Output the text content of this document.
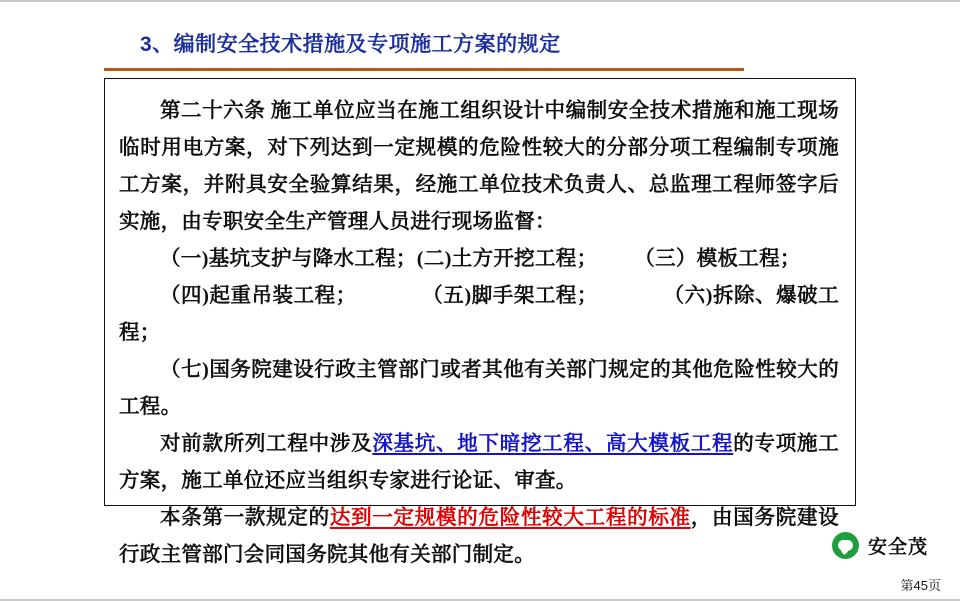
3、编制安全技术措施及专项施工方案的规定
第二十六条 施工单位应当在施工组织设计中编制安全技术措施和施工现场临时用电方案，对下列达到一定规模的危险性较大的分部分项工程编制专项施工方案，并附具安全验算结果，经施工单位技术负责人、总监理工程师签字后实施，由专职安全生产管理人员进行现场监督：
（一)基坑支护与降水工程；(二)土方开挖工程； （三）模板工程；
（四)起重吊装工程；	（五)脚手架工程；	（六)拆除、爆破工程；
（七)国务院建设行政主管部门或者其他有关部门规定的其他危险性较大的工程。
对前款所列工程中涉及深基坑、地下暗挖工程、高大模板工程的专项施工方案，施工单位还应当组织专家进行论证、审查。
本条第一款规定的达到一定规模的危险性较大工程的标准，由国务院建设行政主管部门会同国务院其他有关部门制定。	安全茂
第45页
